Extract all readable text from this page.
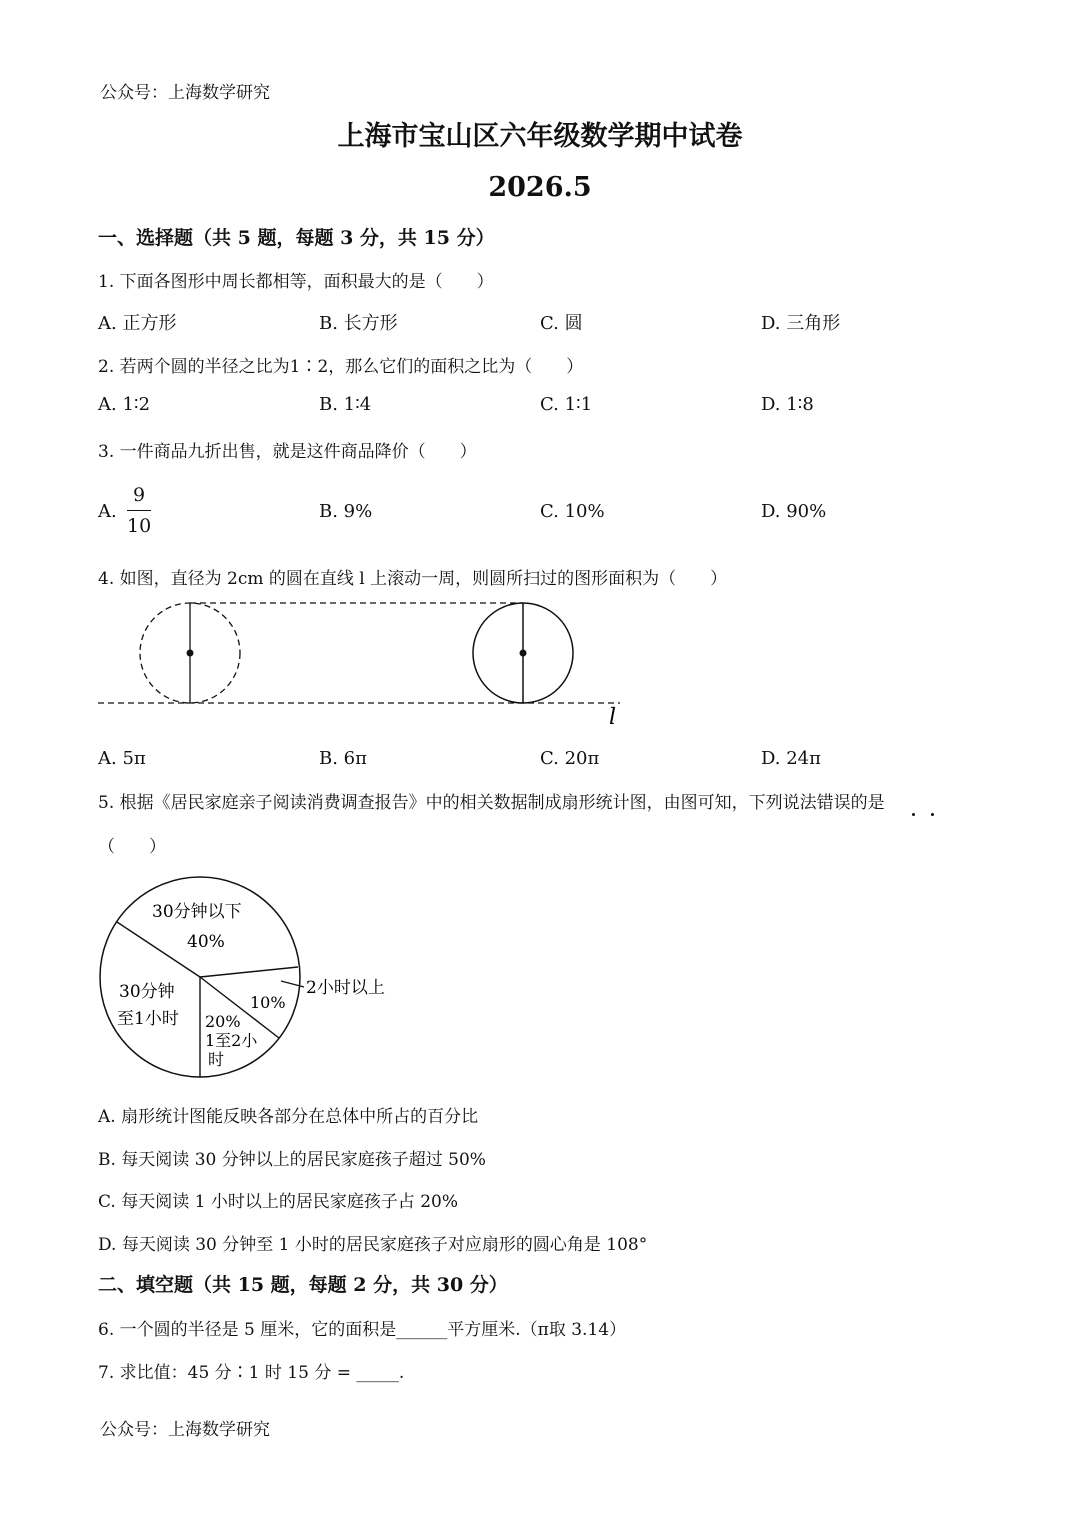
公众号：上海数学研究
上海市宝山区六年级数学期中试卷
2026.5
一、选择题（共 5 题，每题 3 分，共 15 分）
1. 下面各图形中周长都相等，面积最大的是（　　）
A. 正方形	B. 长方形	C. 圆	D. 三角形
2. 若两个圆的半径之比为1∶2，那么它们的面积之比为（　　）
A. 1∶2	B. 1∶4	C. 1∶1	D. 1∶8
3. 一件商品九折出售，就是这件商品降价（　　）
A.
9
10
B. 9%	C. 10%	D. 90%
4. 如图，直径为 2cm 的圆在直线 l 上滚动一周，则圆所扫过的图形面积为（　　）
l
A. 5π	B. 6π	C. 20π	D. 24π
5. 根据《居民家庭亲子阅读消费调查报告》中的相关数据制成扇形统计图，由图可知，下列说法错误的是
（　　）
30分钟以下
40%
30分钟
至1小时 20%
1至2小
时
10%
2小时以上
A. 扇形统计图能反映各部分在总体中所占的百分比
B. 每天阅读 30 分钟以上的居民家庭孩子超过 50%
C. 每天阅读 1 小时以上的居民家庭孩子占 20%
D. 每天阅读 30 分钟至 1 小时的居民家庭孩子对应扇形的圆心角是 108°
二、填空题（共 15 题，每题 2 分，共 30 分）
6. 一个圆的半径是 5 厘米，它的面积是______平方厘米.（π取 3.14）
7. 求比值：45 分∶1 时 15 分 = _____.
公众号：上海数学研究
